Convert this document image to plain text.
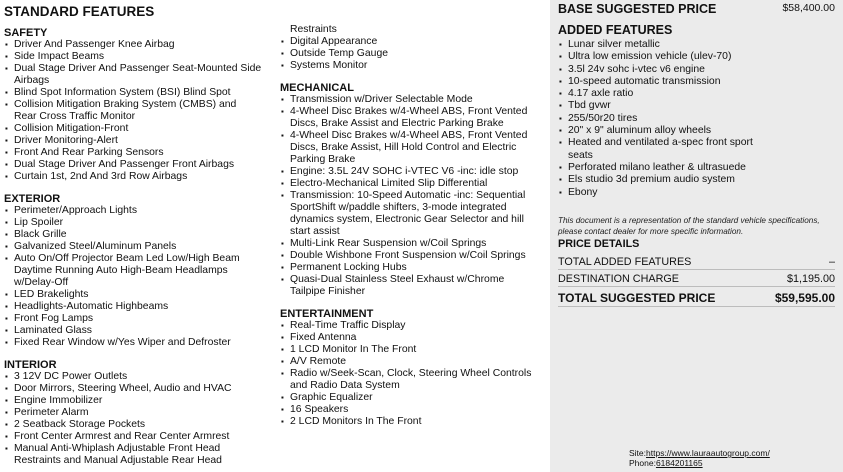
STANDARD FEATURES
SAFETY
▪ Driver And Passenger Knee Airbag
▪ Side Impact Beams
▪ Dual Stage Driver And Passenger Seat-Mounted Side
Airbags
▪ Blind Spot Information System (BSI) Blind Spot
▪ Collision Mitigation Braking System (CMBS) and
Rear Cross Traffic Monitor
▪ Collision Mitigation-Front
▪ Driver Monitoring-Alert
▪ Front And Rear Parking Sensors
▪ Dual Stage Driver And Passenger Front Airbags
▪ Curtain 1st, 2nd And 3rd Row Airbags
EXTERIOR
▪ Perimeter/Approach Lights
▪ Lip Spoiler
▪ Black Grille
▪ Galvanized Steel/Aluminum Panels
▪ Auto On/Off Projector Beam Led Low/High Beam
Daytime Running Auto High-Beam Headlamps
w/Delay-Off
▪ LED Brakelights
▪ Headlights-Automatic Highbeams
▪ Front Fog Lamps
▪ Laminated Glass
▪ Fixed Rear Window w/Yes Wiper and Defroster
INTERIOR
▪ 3 12V DC Power Outlets
▪ Door Mirrors, Steering Wheel, Audio and HVAC
▪ Engine Immobilizer
▪ Perimeter Alarm
▪ 2 Seatback Storage Pockets
▪ Front Center Armrest and Rear Center Armrest
▪ Manual Anti-Whiplash Adjustable Front Head
Restraints and Manual Adjustable Rear Head
Restraints
▪ Digital Appearance
▪ Outside Temp Gauge
▪ Systems Monitor
MECHANICAL
▪ Transmission w/Driver Selectable Mode
▪ 4-Wheel Disc Brakes w/4-Wheel ABS, Front Vented
Discs, Brake Assist and Electric Parking Brake
▪ 4-Wheel Disc Brakes w/4-Wheel ABS, Front Vented
Discs, Brake Assist, Hill Hold Control and Electric
Parking Brake
▪ Engine: 3.5L 24V SOHC i-VTEC V6 -inc: idle stop
▪ Electro-Mechanical Limited Slip Differential
▪ Transmission: 10-Speed Automatic -inc: Sequential
SportShift w/paddle shifters, 3-mode integrated
dynamics system, Electronic Gear Selector and hill
start assist
▪ Multi-Link Rear Suspension w/Coil Springs
▪ Double Wishbone Front Suspension w/Coil Springs
▪ Permanent Locking Hubs
▪ Quasi-Dual Stainless Steel Exhaust w/Chrome
Tailpipe Finisher
ENTERTAINMENT
▪ Real-Time Traffic Display
▪ Fixed Antenna
▪ 1 LCD Monitor In The Front
▪ A/V Remote
▪ Radio w/Seek-Scan, Clock, Steering Wheel Controls
and Radio Data System
▪ Graphic Equalizer
▪ 16 Speakers
▪ 2 LCD Monitors In The Front
BASE SUGGESTED PRICE	$58,400.00
ADDED FEATURES
▪ Lunar silver metallic
▪ Ultra low emission vehicle (ulev-70)
▪ 3.5l 24v sohc i-vtec v6 engine
▪ 10-speed automatic transmission
▪ 4.17 axle ratio
▪ Tbd gvwr
▪ 255/50r20 tires
▪ 20" x 9" aluminum alloy wheels
▪ Heated and ventilated a-spec front sport
seats
▪ Perforated milano leather & ultrasuede
▪ Els studio 3d premium audio system
▪ Ebony
This document is a representation of the standard vehicle specifications, please contact dealer for more specific information.
PRICE DETAILS
TOTAL ADDED FEATURES	–
DESTINATION CHARGE	$1,195.00
TOTAL SUGGESTED PRICE	$59,595.00
Site:https://www.lauraautogroup.com/
Phone:6184201165
